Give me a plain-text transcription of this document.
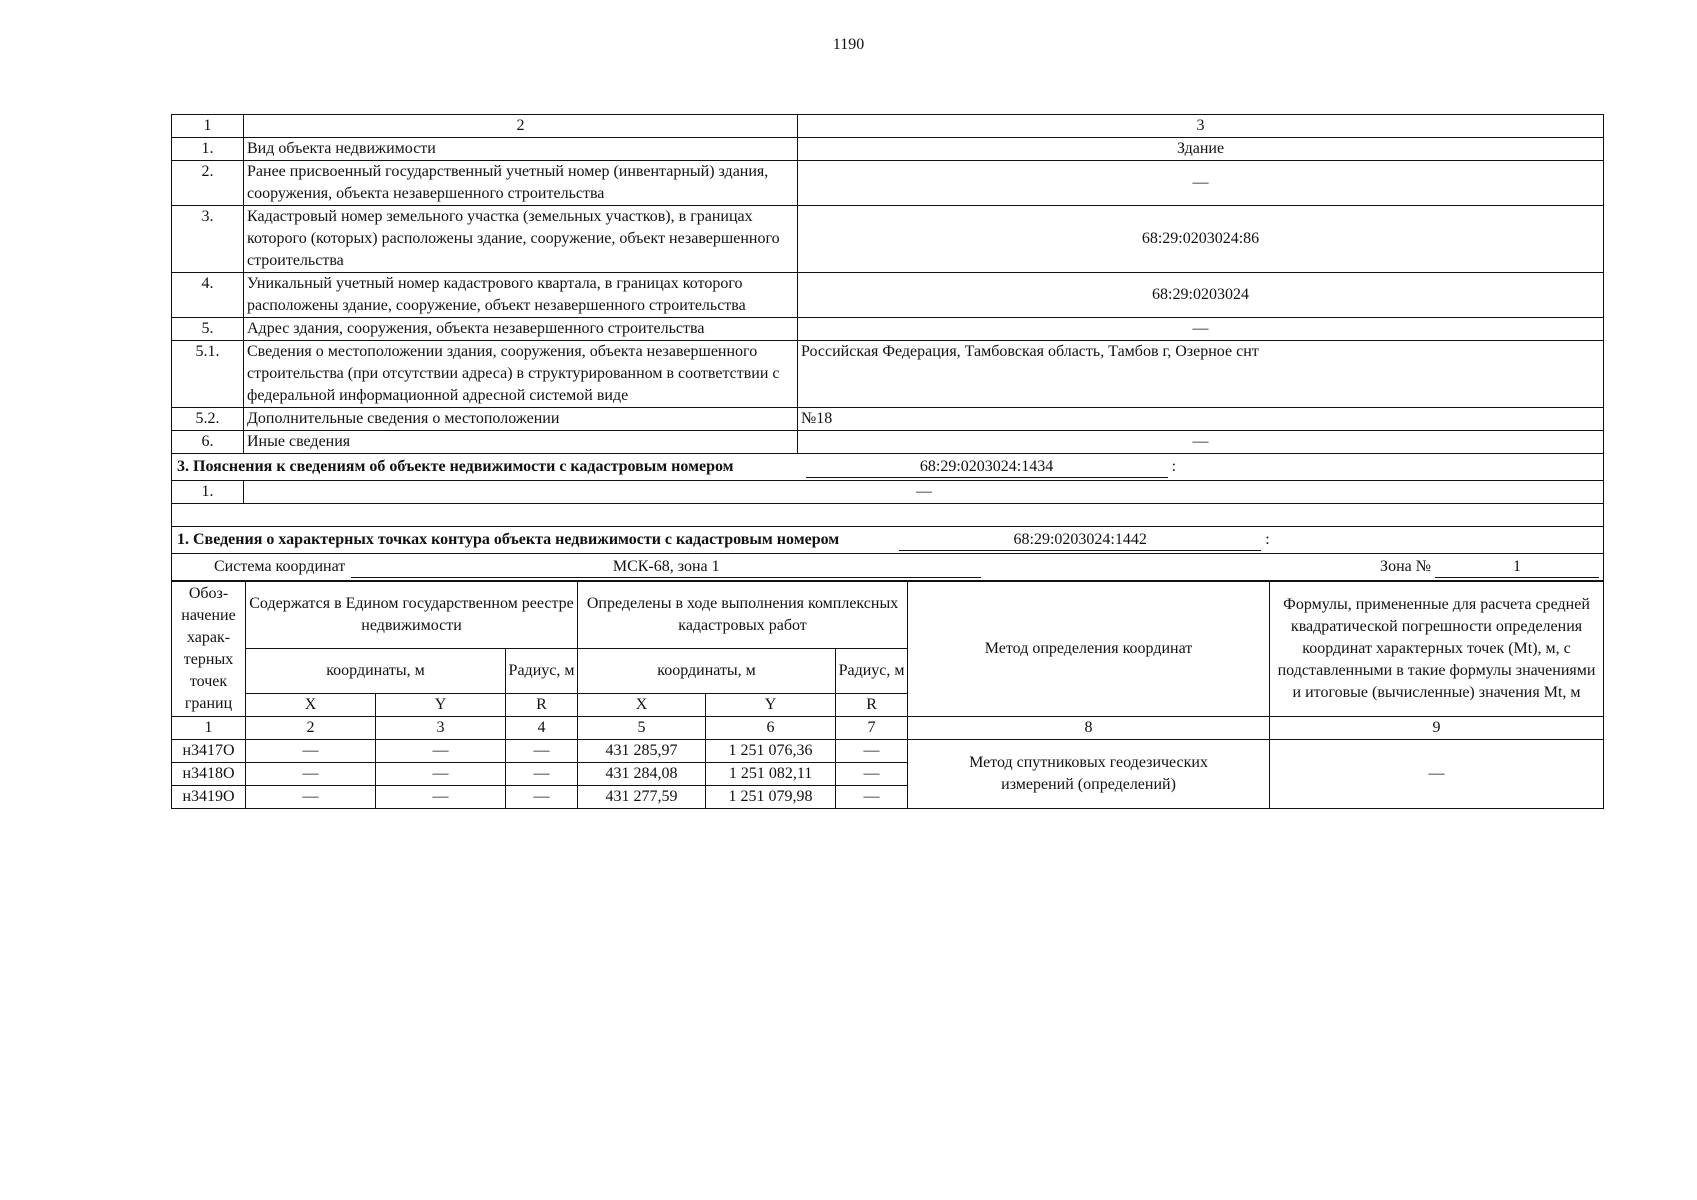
1190
1	2	3
1.	Вид объекта недвижимости	Здание
2.	Ранее присвоенный государственный учетный номер (инвентарный) здания, сооружения, объекта незавершенного строительства	—
3.	Кадастровый номер земельного участка (земельных участков), в границах которого (которых) расположены здание, сооружение, объект незавершенного строительства	68:29:0203024:86
4.	Уникальный учетный номер кадастрового квартала, в границах которого расположены здание, сооружение, объект незавершенного строительства	68:29:0203024
5.	Адрес здания, сооружения, объекта незавершенного строительства	—
5.1.	Сведения о местоположении здания, сооружения, объекта незавершенного строительства (при отсутствии адреса) в структурированном в соответствии с федеральной информационной адресной системой виде	Российская Федерация, Тамбовская область, Тамбов г, Озерное снт
5.2.	Дополнительные сведения о местоположении	№18
6.	Иные сведения	—
3. Пояснения к сведениям об объекте недвижимости с кадастровым номером 68:29:0203024:1434 :		
1.	—	

1. Сведения о характерных точках контура объекта недвижимости с кадастровым номером 68:29:0203024:1442 :		
Система координат МСК-68, зона 1 Зона № 1		
Обоз-начение харак-терных точек границ	Содержатся в Едином государственном реестре недвижимости			Определены в ходе выполнения комплексных кадастровых работ			Метод определения координат	Формулы, примененные для расчета средней квадратической погрешности определения координат характерных точек (Mt), м, с подставленными в такие формулы значениями и итоговые (вычисленные) значения Mt, м
	координаты, м		Радиус, м	координаты, м		Радиус, м		
	X	Y	R	X	Y	R		
1	2	3	4	5	6	7	8	9
н3417О	—	—	—	431 285,97	1 251 076,36	—	Метод спутниковых геодезических измерений (определений)	—
н3418О	—	—	—	431 284,08	1 251 082,11	—		
н3419О	—	—	—	431 277,59	1 251 079,98	—		
